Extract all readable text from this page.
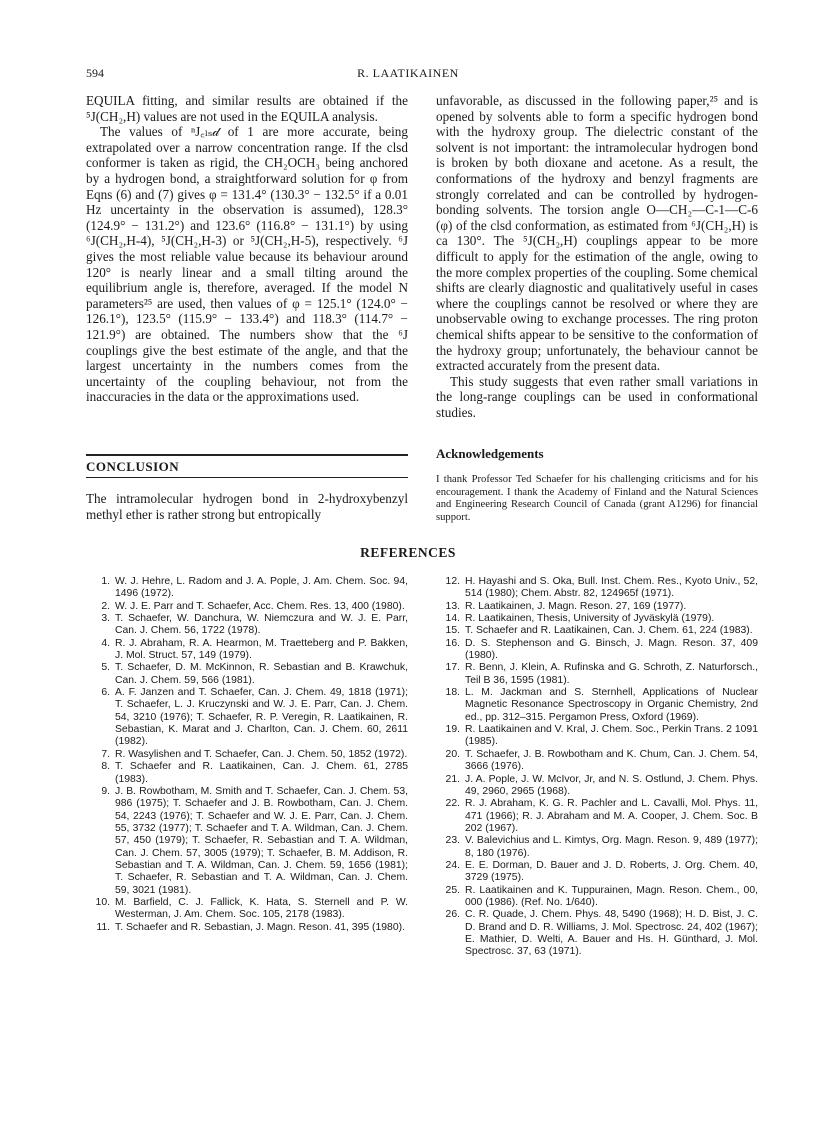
594	R. LAATIKAINEN

EQUILA fitting, and similar results are obtained if the ⁵J(CH₂,H) values are not used in the EQUILA analysis.

The values of ⁿJ꜀ₗₛ𝒹 of 1 are more accurate, being extrapolated over a narrow concentration range. If the clsd conformer is taken as rigid, the CH₂OCH₃ being anchored by a hydrogen bond, a straightforward solution for φ from Eqns (6) and (7) gives φ = 131.4° (130.3° − 132.5° if a 0.01 Hz uncertainty in the observation is assumed), 128.3° (124.9° − 131.2°) and 123.6° (116.8° − 131.1°) by using ⁶J(CH₂,H-4), ⁵J(CH₂,H-3) or ⁵J(CH₂,H-5), respectively. ⁶J gives the most reliable value because its behaviour around 120° is nearly linear and a small tilting around the equilibrium angle is, therefore, averaged. If the model N parameters²⁵ are used, then values of φ = 125.1° (124.0° − 126.1°), 123.5° (115.9° − 133.4°) and 118.3° (114.7° − 121.9°) are obtained. The numbers show that the ⁶J couplings give the best estimate of the angle, and that the largest uncertainty in the numbers comes from the uncertainty of the coupling behaviour, not from the inaccuracies in the data or the approximations used.

unfavorable, as discussed in the following paper,²⁵ and is opened by solvents able to form a specific hydrogen bond with the hydroxy group. The dielectric constant of the solvent is not important: the intramolecular hydrogen bond is broken by both dioxane and acetone. As a result, the conformations of the hydroxy and benzyl fragments are strongly correlated and can be controlled by hydrogen-bonding solvents. The torsion angle O—CH₂—C-1—C-6 (φ) of the clsd conformation, as estimated from ⁶J(CH₂,H) is ca 130°. The ⁵J(CH₂,H) couplings appear to be more difficult to apply for the estimation of the angle, owing to the more complex properties of the coupling. Some chemical shifts are clearly diagnostic and qualitatively useful in cases where the couplings cannot be resolved or where they are unobservable owing to exchange processes. The ring proton chemical shifts appear to be sensitive to the conformation of the hydroxy group; unfortunately, the behaviour cannot be extracted accurately from the present data.

This study suggests that even rather small variations in the long-range couplings can be used in conformational studies.

Acknowledgements
I thank Professor Ted Schaefer for his challenging criticisms and for his encouragement. I thank the Academy of Finland and the Natural Sciences and Engineering Research Council of Canada (grant A1296) for financial support.
CONCLUSION
The intramolecular hydrogen bond in 2-hydroxybenzyl methyl ether is rather strong but entropically
REFERENCES
1. W. J. Hehre, L. Radom and J. A. Pople, J. Am. Chem. Soc. 94, 1496 (1972).
2. W. J. E. Parr and T. Schaefer, Acc. Chem. Res. 13, 400 (1980).
3. T. Schaefer, W. Danchura, W. Niemczura and W. J. E. Parr, Can. J. Chem. 56, 1722 (1978).
4. R. J. Abraham, R. A. Hearmon, M. Traetteberg and P. Bakken, J. Mol. Struct. 57, 149 (1979).
5. T. Schaefer, D. M. McKinnon, R. Sebastian and B. Krawchuk, Can. J. Chem. 59, 566 (1981).
6. A. F. Janzen and T. Schaefer, Can. J. Chem. 49, 1818 (1971); T. Schaefer, L. J. Kruczynski and W. J. E. Parr, Can. J. Chem. 54, 3210 (1976); T. Schaefer, R. P. Veregin, R. Laatikainen, R. Sebastian, K. Marat and J. Charlton, Can. J. Chem. 60, 2611 (1982).
7. R. Wasylishen and T. Schaefer, Can. J. Chem. 50, 1852 (1972).
8. T. Schaefer and R. Laatikainen, Can. J. Chem. 61, 2785 (1983).
9. J. B. Rowbotham, M. Smith and T. Schaefer, Can. J. Chem. 53, 986 (1975); T. Schaefer and J. B. Rowbotham, Can. J. Chem. 54, 2243 (1976); T. Schaefer and W. J. E. Parr, Can. J. Chem. 55, 3732 (1977); T. Schaefer and T. A. Wildman, Can. J. Chem. 57, 450 (1979); T. Schaefer, R. Sebastian and T. A. Wildman, Can. J. Chem. 57, 3005 (1979); T. Schaefer, B. M. Addison, R. Sebastian and T. A. Wildman, Can. J. Chem. 59, 1656 (1981); T. Schaefer, R. Sebastian and T. A. Wildman, Can. J. Chem. 59, 3021 (1981).
10. M. Barfield, C. J. Fallick, K. Hata, S. Sternell and P. W. Westerman, J. Am. Chem. Soc. 105, 2178 (1983).
11. T. Schaefer and R. Sebastian, J. Magn. Reson. 41, 395 (1980).
12. H. Hayashi and S. Oka, Bull. Inst. Chem. Res., Kyoto Univ., 52, 514 (1980); Chem. Abstr. 82, 124965f (1971).
13. R. Laatikainen, J. Magn. Reson. 27, 169 (1977).
14. R. Laatikainen, Thesis, University of Jyväskylä (1979).
15. T. Schaefer and R. Laatikainen, Can. J. Chem. 61, 224 (1983).
16. D. S. Stephenson and G. Binsch, J. Magn. Reson. 37, 409 (1980).
17. R. Benn, J. Klein, A. Rufinska and G. Schroth, Z. Naturforsch., Teil B 36, 1595 (1981).
18. L. M. Jackman and S. Sternhell, Applications of Nuclear Magnetic Resonance Spectroscopy in Organic Chemistry, 2nd ed., pp. 312–315. Pergamon Press, Oxford (1969).
19. R. Laatikainen and V. Kral, J. Chem. Soc., Perkin Trans. 2 1091 (1985).
20. T. Schaefer, J. B. Rowbotham and K. Chum, Can. J. Chem. 54, 3666 (1976).
21. J. A. Pople, J. W. McIvor, Jr, and N. S. Ostlund, J. Chem. Phys. 49, 2960, 2965 (1968).
22. R. J. Abraham, K. G. R. Pachler and L. Cavalli, Mol. Phys. 11, 471 (1966); R. J. Abraham and M. A. Cooper, J. Chem. Soc. B 202 (1967).
23. V. Balevichius and L. Kimtys, Org. Magn. Reson. 9, 489 (1977); 8, 180 (1976).
24. E. E. Dorman, D. Bauer and J. D. Roberts, J. Org. Chem. 40, 3729 (1975).
25. R. Laatikainen and K. Tuppurainen, Magn. Reson. Chem., 00, 000 (1986). (Ref. No. 1/640).
26. C. R. Quade, J. Chem. Phys. 48, 5490 (1968); H. D. Bist, J. C. D. Brand and D. R. Williams, J. Mol. Spectrosc. 24, 402 (1967); E. Mathier, D. Welti, A. Bauer and Hs. H. Günthard, J. Mol. Spectrosc. 37, 63 (1971).
